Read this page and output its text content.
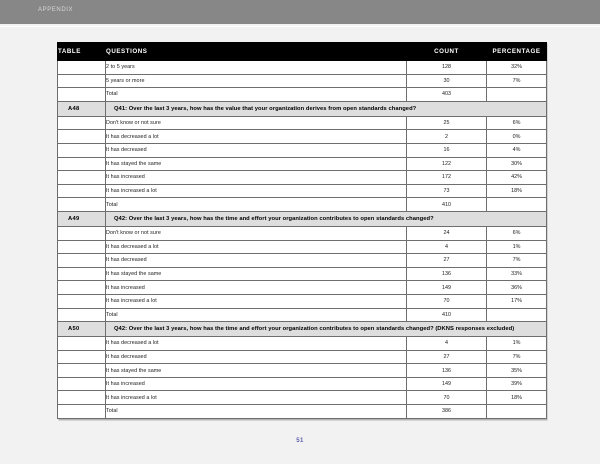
APPENDIX
TABLE	QUESTIONS	COUNT	PERCENTAGE
	2 to 5 years	128	32%
	5 years or more	30	7%
	Total	403	
A48	Q41: Over the last 3 years, how has the value that your organization derives from open standards changed?		
	Don't know or not sure	25	6%
	It has decreased a lot	2	0%
	It has decreased	16	4%
	It has stayed the same	122	30%
	It has increased	172	42%
	It has increased a lot	73	18%
	Total	410	
A49	Q42: Over the last 3 years, how has the time and effort your organization contributes to open standards changed?		
	Don't know or not sure	24	6%
	It has decreased a lot	4	1%
	It has decreased	27	7%
	It has stayed the same	136	33%
	It has increased	149	36%
	It has increased a lot	70	17%
	Total	410	
A50	Q42: Over the last 3 years, how has the time and effort your organization contributes to open standards changed? (DKNS responses excluded)		
	It has decreased a lot	4	1%
	It has decreased	27	7%
	It has stayed the same	136	35%
	It has increased	149	39%
	It has increased a lot	70	18%
	Total	386	
51
